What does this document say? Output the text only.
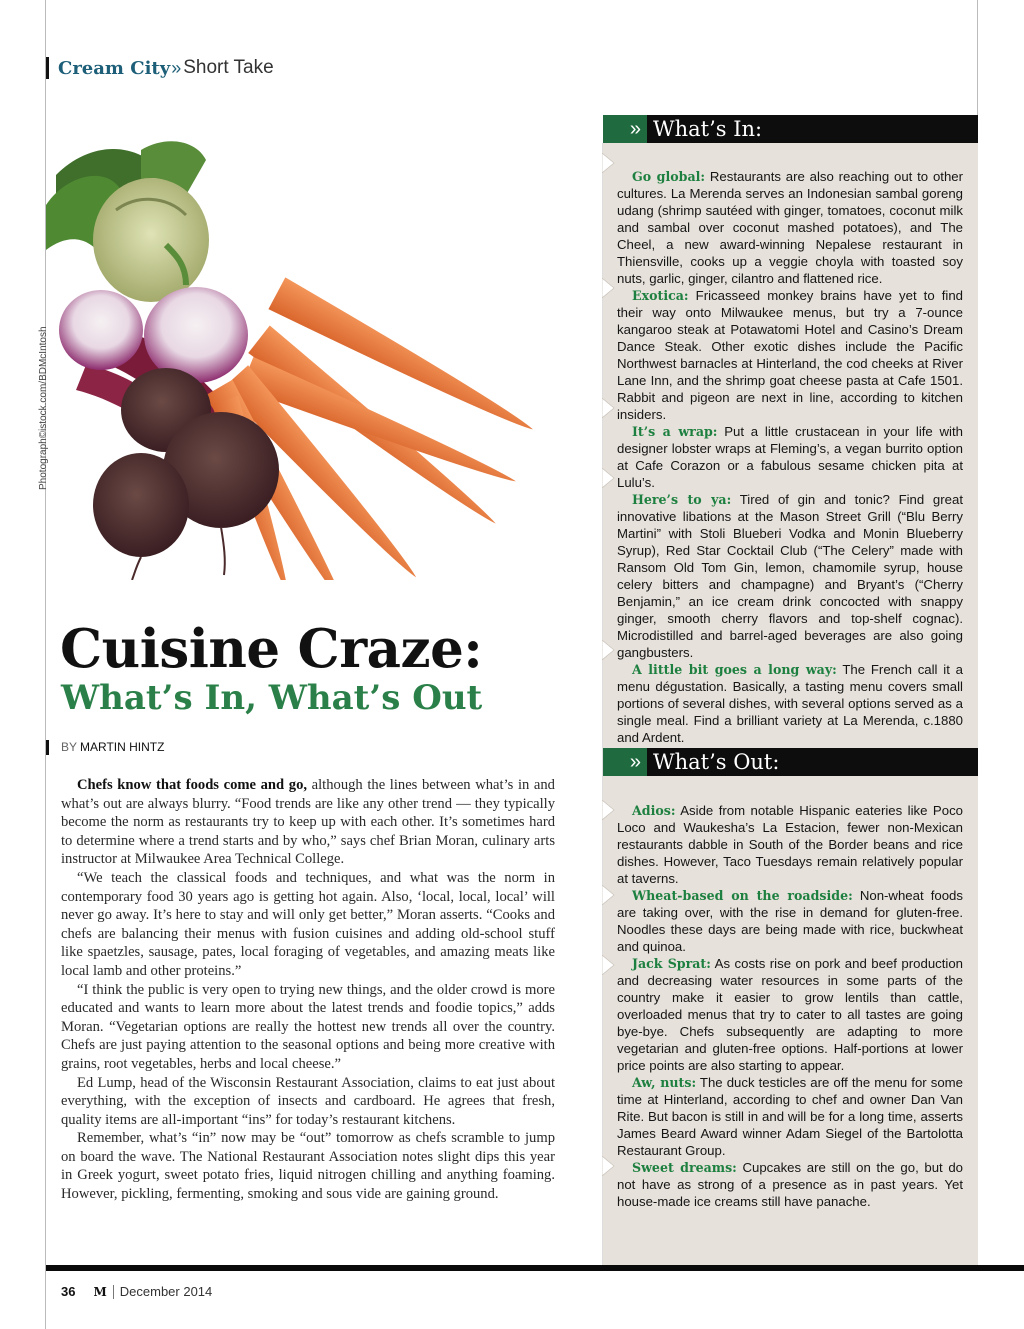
Cream City » Short Take
Photograph©istock.com/BDMcIntosh
Cuisine Craze:
What’s In, What’s Out
BY MARTIN HINTZ

Chefs know that foods come and go, although the lines between what’s in and what’s out are always blurry. “Food trends are like any other trend — they typically become the norm as restaurants try to keep up with each other. It’s sometimes hard to determine where a trend starts and by who,” says chef Brian Moran, culinary arts instructor at Milwaukee Area Technical College.

“We teach the classical foods and techniques, and what was the norm in contemporary food 30 years ago is getting hot again. Also, ‘local, local, local’ will never go away. It’s here to stay and will only get better,” Moran asserts. “Cooks and chefs are balancing their menus with fusion cuisines and adding old-school stuff like spaetzles, sausage, pates, local foraging of vegetables, and amazing meats like local lamb and other proteins.”

“I think the public is very open to trying new things, and the older crowd is more educated and wants to learn more about the latest trends and foodie topics,” adds Moran. “Vegetarian options are really the hottest new trends all over the country. Chefs are just paying attention to the seasonal options and being more creative with grains, root vegetables, herbs and local cheese.”

Ed Lump, head of the Wisconsin Restaurant Association, claims to eat just about everything, with the exception of insects and cardboard. He agrees that fresh, quality items are all-important “ins” for today’s restaurant kitchens.

Remember, what’s “in” now may be “out” tomorrow as chefs scramble to jump on board the wave. The National Restaurant Association notes slight dips this year in Greek yogurt, sweet potato fries, liquid nitrogen chilling and anything foaming. However, pickling, fermenting, smoking and sous vide are gaining ground.

» What’s In:

Go global: Restaurants are also reaching out to other cultures. La Merenda serves an Indonesian sambal goreng udang (shrimp sautéed with ginger, tomatoes, coconut milk and sambal over coconut mashed potatoes), and The Cheel, a new award-winning Nepalese restaurant in Thiensville, cooks up a veggie choyla with toasted soy nuts, garlic, ginger, cilantro and flattened rice.

Exotica: Fricasseed monkey brains have yet to find their way onto Milwaukee menus, but try a 7-ounce kangaroo steak at Potawatomi Hotel and Casino’s Dream Dance Steak. Other exotic dishes include the Pacific Northwest barnacles at Hinterland, the cod cheeks at River Lane Inn, and the shrimp goat cheese pasta at Cafe 1501. Rabbit and pigeon are next in line, according to kitchen insiders.

It’s a wrap: Put a little crustacean in your life with designer lobster wraps at Fleming’s, a vegan burrito option at Cafe Corazon or a fabulous sesame chicken pita at Lulu’s.

Here’s to ya: Tired of gin and tonic? Find great innovative libations at the Mason Street Grill (“Blu Berry Martini” with Stoli Blueberi Vodka and Monin Blueberry Syrup), Red Star Cocktail Club (“The Celery” made with Ransom Old Tom Gin, lemon, chamomile syrup, house celery bitters and champagne) and Bryant’s (“Cherry Benjamin,” an ice cream drink concocted with snappy ginger, smooth cherry flavors and top-shelf cognac). Microdistilled and barrel-aged beverages are also going gangbusters.

A little bit goes a long way: The French call it a menu dégustation. Basically, a tasting menu covers small portions of several dishes, with several options served as a single meal. Find a brilliant variety at La Merenda, c.1880 and Ardent.

» What’s Out:

Adios: Aside from notable Hispanic eateries like Poco Loco and Waukesha’s La Estacion, fewer non-Mexican restaurants dabble in South of the Border beans and rice dishes. However, Taco Tuesdays remain relatively popular at taverns.

Wheat-based on the roadside: Non-wheat foods are taking over, with the rise in demand for gluten-free. Noodles these days are being made with rice, buckwheat and quinoa.

Jack Sprat: As costs rise on pork and beef production and decreasing water resources in some parts of the country make it easier to grow lentils than cattle, overloaded menus that try to cater to all tastes are going bye-bye. Chefs subsequently are adapting to more vegetarian and gluten-free options. Half-portions at lower price points are also starting to appear.

Aw, nuts: The duck testicles are off the menu for some time at Hinterland, according to chef and owner Dan Van Rite. But bacon is still in and will be for a long time, asserts James Beard Award winner Adam Siegel of the Bartolotta Restaurant Group.

Sweet dreams: Cupcakes are still on the go, but do not have as strong of a presence as in past years. Yet house-made ice creams still have panache.

36 M December 2014
